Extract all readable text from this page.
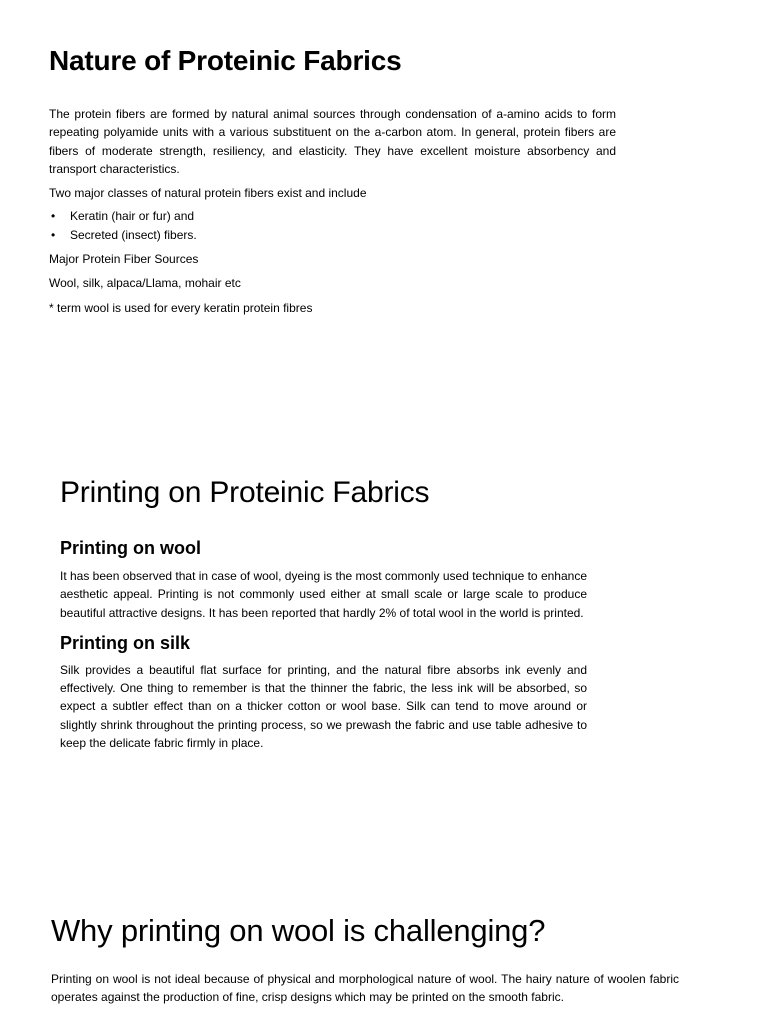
Nature of Proteinic Fabrics

The protein fibers are formed by natural animal sources through condensation of a-amino acids to form repeating polyamide units with a various substituent on the a-carbon atom. In general, protein fibers are fibers of moderate strength, resiliency, and elasticity. They have excellent moisture absorbency and transport characteristics.

Two major classes of natural protein fibers exist and include

• Keratin (hair or fur) and
• Secreted (insect) fibers.

Major Protein Fiber Sources

Wool, silk, alpaca/Llama, mohair etc

* term wool is used for every keratin protein fibres

Printing on Proteinic Fabrics
Printing on wool

It has been observed that in case of wool, dyeing is the most commonly used technique to enhance aesthetic appeal. Printing is not commonly used either at small scale or large scale to produce beautiful attractive designs. It has been reported that hardly 2% of total wool in the world is printed.

Printing on silk

Silk provides a beautiful flat surface for printing, and the natural fibre absorbs ink evenly and effectively. One thing to remember is that the thinner the fabric, the less ink will be absorbed, so expect a subtler effect than on a thicker cotton or wool base. Silk can tend to move around or slightly shrink throughout the printing process, so we prewash the fabric and use table adhesive to keep the delicate fabric firmly in place.

Why printing on wool is challenging?

Printing on wool is not ideal because of physical and morphological nature of wool. The hairy nature of woolen fabric operates against the production of fine, crisp designs which may be printed on the smooth fabric.
